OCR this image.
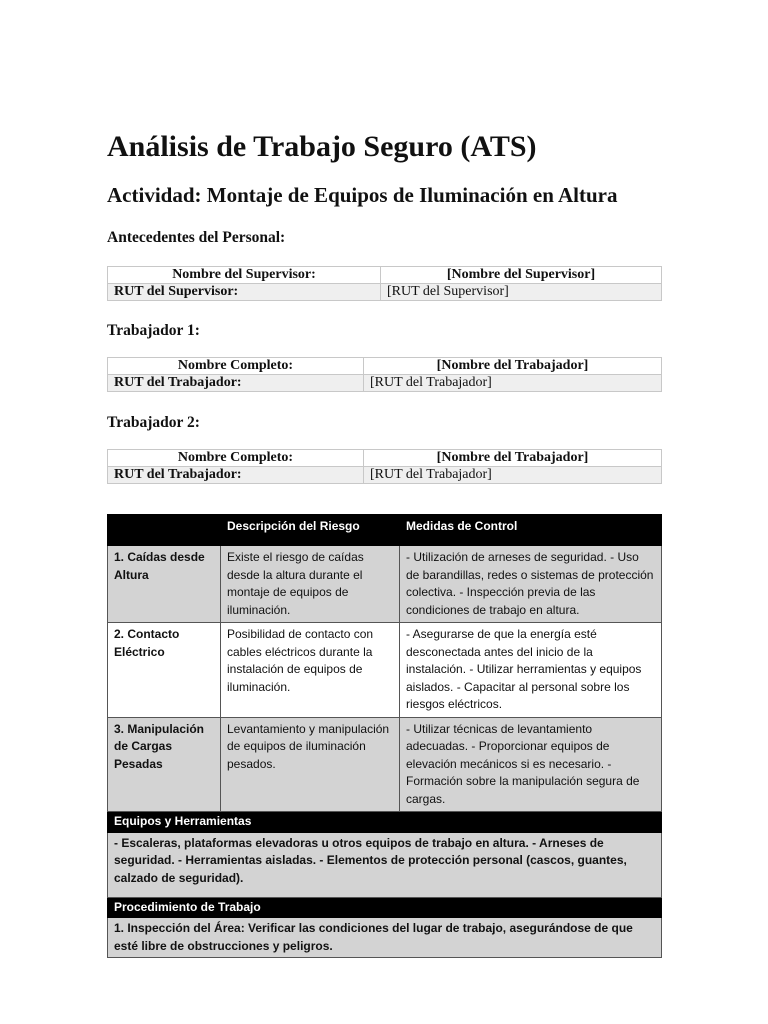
Análisis de Trabajo Seguro (ATS)
Actividad: Montaje de Equipos de Iluminación en Altura

Antecedentes del Personal:

Nombre del Supervisor:	[Nombre del Supervisor]
RUT del Supervisor:	[RUT del Supervisor]

Trabajador 1:

Nombre Completo:	[Nombre del Trabajador]
RUT del Trabajador:	[RUT del Trabajador]

Trabajador 2:

Nombre Completo:	[Nombre del Trabajador]
RUT del Trabajador:	[RUT del Trabajador]
	Descripción del Riesgo	Medidas de Control
1. Caídas desde Altura	Existe el riesgo de caídas desde la altura durante el montaje de equipos de iluminación.	- Utilización de arneses de seguridad. - Uso de barandillas, redes o sistemas de protección colectiva. - Inspección previa de las condiciones de trabajo en altura.
2. Contacto Eléctrico	Posibilidad de contacto con cables eléctricos durante la instalación de equipos de iluminación.	- Asegurarse de que la energía esté desconectada antes del inicio de la instalación. - Utilizar herramientas y equipos aislados. - Capacitar al personal sobre los riesgos eléctricos.
3. Manipulación de Cargas Pesadas	Levantamiento y manipulación de equipos de iluminación pesados.	- Utilizar técnicas de levantamiento adecuadas. - Proporcionar equipos de elevación mecánicos si es necesario. - Formación sobre la manipulación segura de cargas.
Equipos y Herramientas		
- Escaleras, plataformas elevadoras u otros equipos de trabajo en altura. - Arneses de seguridad. - Herramientas aisladas. - Elementos de protección personal (cascos, guantes, calzado de seguridad).		
Procedimiento de Trabajo		
1. Inspección del Área: Verificar las condiciones del lugar de trabajo, asegurándose de que esté libre de obstrucciones y peligros.		
